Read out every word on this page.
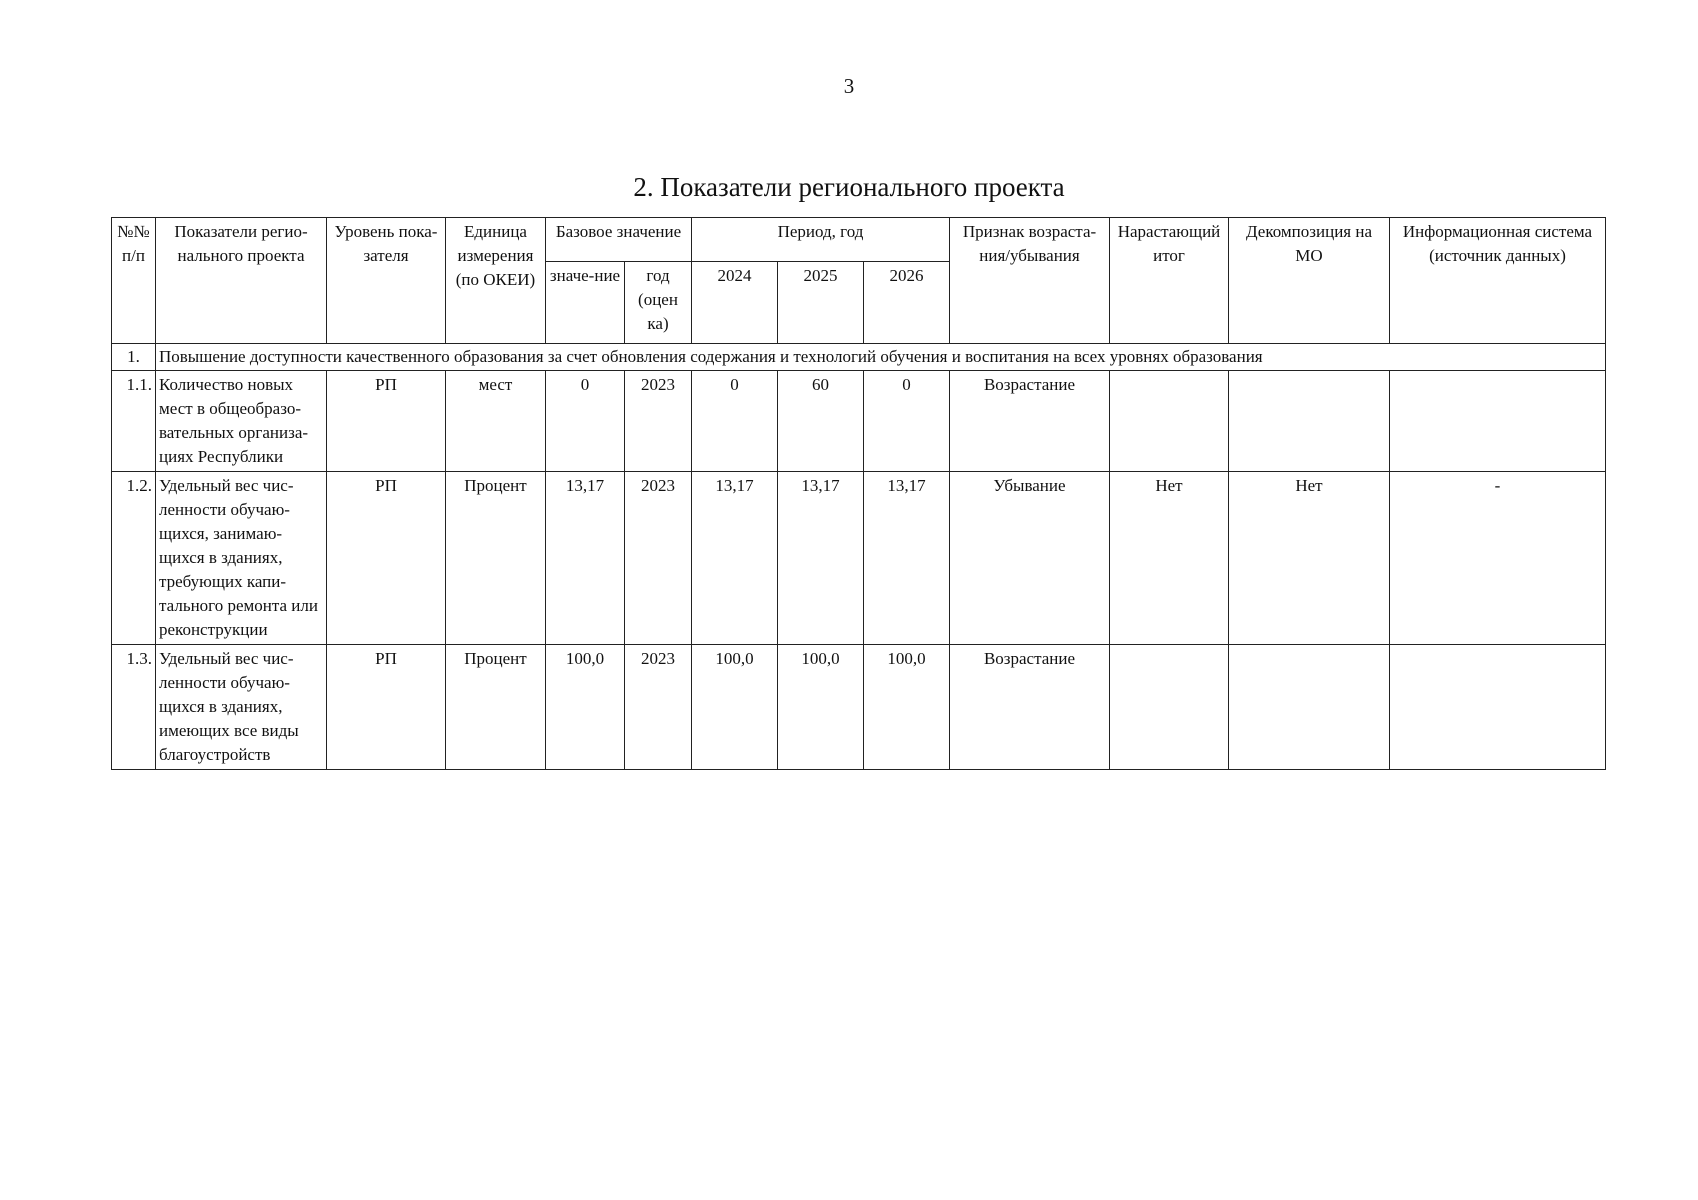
3
2. Показатели регионального проекта
№№ п/п	Показатели регио-нального проекта	Уровень пока-зателя	Единица измерения (по ОКЕИ)	Базовое значение		Период, год			Признак возраста-ния/убывания	Нарастающий итог	Декомпозиция на МО	Информационная система (источник данных)
				значе-ние	год (оцен ка)	2024	2025	2026				
1.	Повышение доступности качественного образования за счет обновления содержания и технологий обучения и воспитания на всех уровнях образования											
1.1.	Количество новых мест в общеобразо-вательных организа-циях Республики	РП	мест	0	2023	0	60	0	Возрастание			
1.2.	Удельный вес чис-ленности обучаю-щихся, занимаю-щихся в зданиях, требующих капи-тального ремонта или реконструкции	РП	Процент	13,17	2023	13,17	13,17	13,17	Убывание	Нет	Нет	-
1.3.	Удельный вес чис-ленности обучаю-щихся в зданиях, имеющих все виды благоустройств	РП	Процент	100,0	2023	100,0	100,0	100,0	Возрастание			
